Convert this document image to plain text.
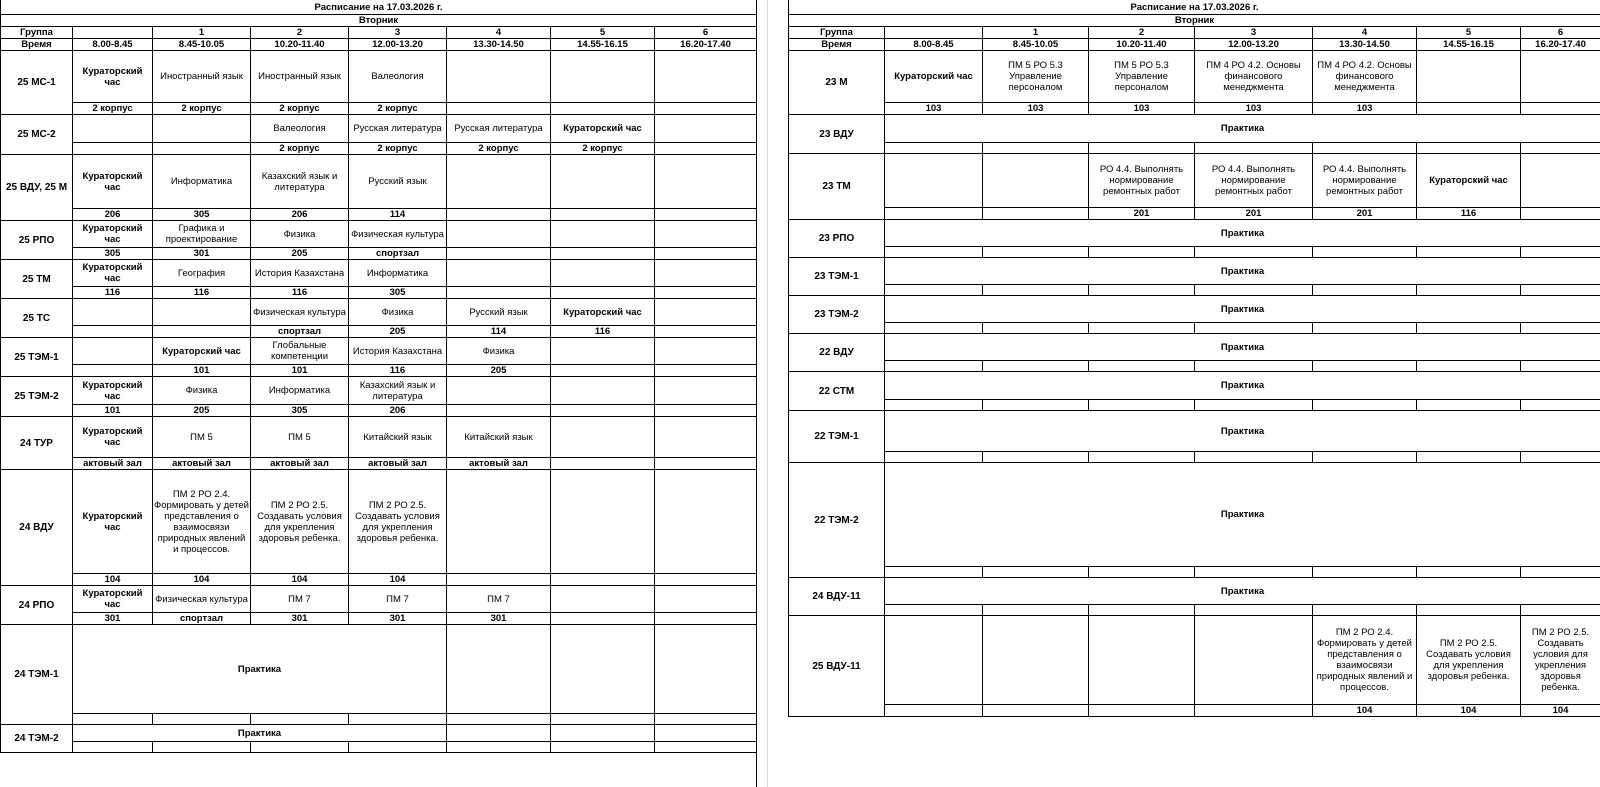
Расписание на 17.03.2026 г.							
Вторник							
Группа		1	2	3	4	5	6
Время	8.00-8.45	8.45-10.05	10.20-11.40	12.00-13.20	13.30-14.50	14.55-16.15	16.20-17.40
25 МС-1	Кураторский час	Иностранный язык	Иностранный язык	Валеология			
	2 корпус	2 корпус	2 корпус	2 корпус			
25 МС-2			Валеология	Русская литература	Русская литература	Кураторский час	
			2 корпус	2 корпус	2 корпус	2 корпус	
25 ВДУ, 25 М	Кураторский час	Информатика	Казахский язык и литература	Русский язык			
	206	305	206	114			
25 РПО	Кураторский час	Графика и проектирование	Физика	Физическая культура			
	305	301	205	спортзал			
25 ТМ	Кураторский час	География	История Казахстана	Информатика			
	116	116	116	305			
25 ТС			Физическая культура	Физика	Русский язык	Кураторский час	
			спортзал	205	114	116	
25 ТЭМ-1		Кураторский час	Глобальные компетенции	История Казахстана	Физика		
		101	101	116	205		
25 ТЭМ-2	Кураторский час	Физика	Информатика	Казахский язык и литература			
	101	205	305	206			
24 ТУР	Кураторский час	ПМ 5	ПМ 5	Китайский язык	Китайский язык		
	актовый зал	актовый зал	актовый зал	актовый зал	актовый зал		
24 ВДУ	Кураторский час	ПМ 2 РО 2.4. Формировать у детей представления о взаимосвязи природных явлений и процессов.	ПМ 2 РО 2.5. Создавать условия для укрепления здоровья ребенка.	ПМ 2 РО 2.5. Создавать условия для укрепления здоровья ребенка.			
	104	104	104	104			
24 РПО	Кураторский час	Физическая культура	ПМ 7	ПМ 7	ПМ 7		
	301	спортзал	301	301	301		
24 ТЭМ-1	Практика						

24 ТЭМ-2	Практика						

Расписание на 17.03.2026 г.							
Вторник							
Группа		1	2	3	4	5	6
Время	8.00-8.45	8.45-10.05	10.20-11.40	12.00-13.20	13.30-14.50	14.55-16.15	16.20-17.40
23 М	Кураторский час	ПМ 5 РО 5.3 Управление персоналом	ПМ 5 РО 5.3 Управление персоналом	ПМ 4 РО 4.2. Основы финансового менеджмента	ПМ 4 РО 4.2. Основы финансового менеджмента		
	103	103	103	103	103		
23 ВДУ	Практика						

23 ТМ			РО 4.4. Выполнять нормирование ремонтных работ	РО 4.4. Выполнять нормирование ремонтных работ	РО 4.4. Выполнять нормирование ремонтных работ	Кураторский час	
			201	201	201	116	
23 РПО	Практика						

23 ТЭМ-1	Практика						

23 ТЭМ-2	Практика						

22 ВДУ	Практика						

22 СТМ	Практика						

22 ТЭМ-1	Практика						

22 ТЭМ-2	Практика						

24 ВДУ-11	Практика						

25 ВДУ-11					ПМ 2 РО 2.4. Формировать у детей представления о взаимосвязи природных явлений и процессов.	ПМ 2 РО 2.5. Создавать условия для укрепления здоровья ребенка.	ПМ 2 РО 2.5. Создавать условия для укрепления здоровья ребенка.
					104	104	104
